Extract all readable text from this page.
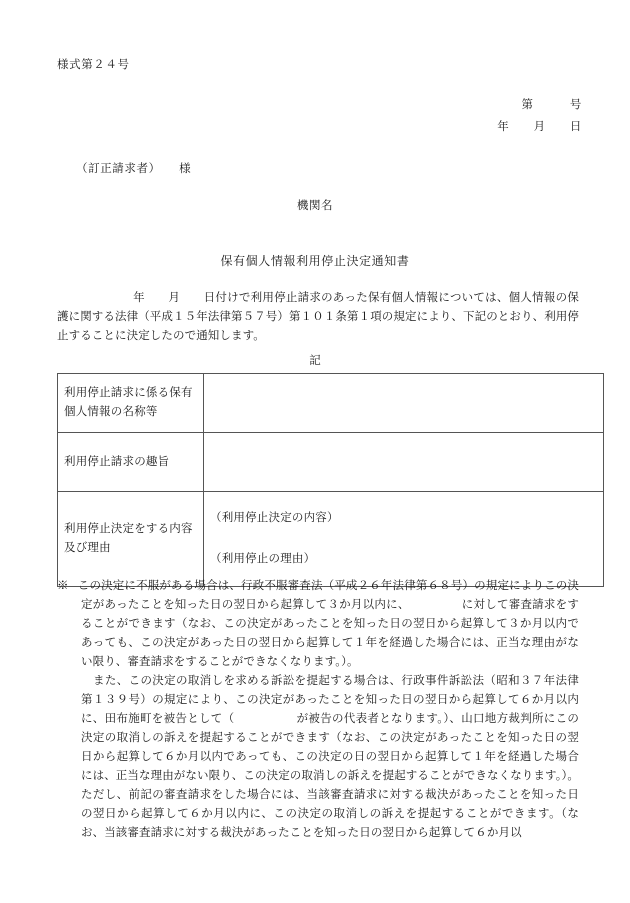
様式第２４号
第　　　号
年　　月　　日
（訂正請求者）　　様
機関名
保有個人情報利用停止決定通知書
年　　月　　日付けで利用停止請求のあった保有個人情報については、個人情報の保護に関する法律（平成１５年法律第５７号）第１０１条第１項の規定により、下記のとおり、利用停止することに決定したので通知します。
記
利用停止請求に係る保有個人情報の名称等	
利用停止請求の趣旨	
利用停止決定をする内容及び理由	（利用停止決定の内容）
（利用停止の理由）
※ この決定に不服がある場合は、行政不服審査法（平成２６年法律第６８号）の規定によりこの決定があったことを知った日の翌日から起算して３か月以内に、	に対して審査請求をすることができます（なお、この決定があったことを知った日の翌日から起算して３か月以内であっても、この決定があった日の翌日から起算して１年を経過した場合には、正当な理由がない限り、審査請求をすることができなくなります。）。
また、この決定の取消しを求める訴訟を提起する場合は、行政事件訴訟法（昭和３７年法律第１３９号）の規定により、この決定があったことを知った日の翌日から起算して６か月以内に、田布施町を被告として（	が被告の代表者となります。）、山口地方裁判所にこの決定の取消しの訴えを提起することができます（なお、この決定があったことを知った日の翌日から起算して６か月以内であっても、この決定の日の翌日から起算して１年を経過した場合には、正当な理由がない限り、この決定の取消しの訴えを提起することができなくなります。）。ただし、前記の審査請求をした場合には、当該審査請求に対する裁決があったことを知った日の翌日から起算して６か月以内に、この決定の取消しの訴えを提起することができます。（なお、当該審査請求に対する裁決があったことを知った日の翌日から起算して６か月以
